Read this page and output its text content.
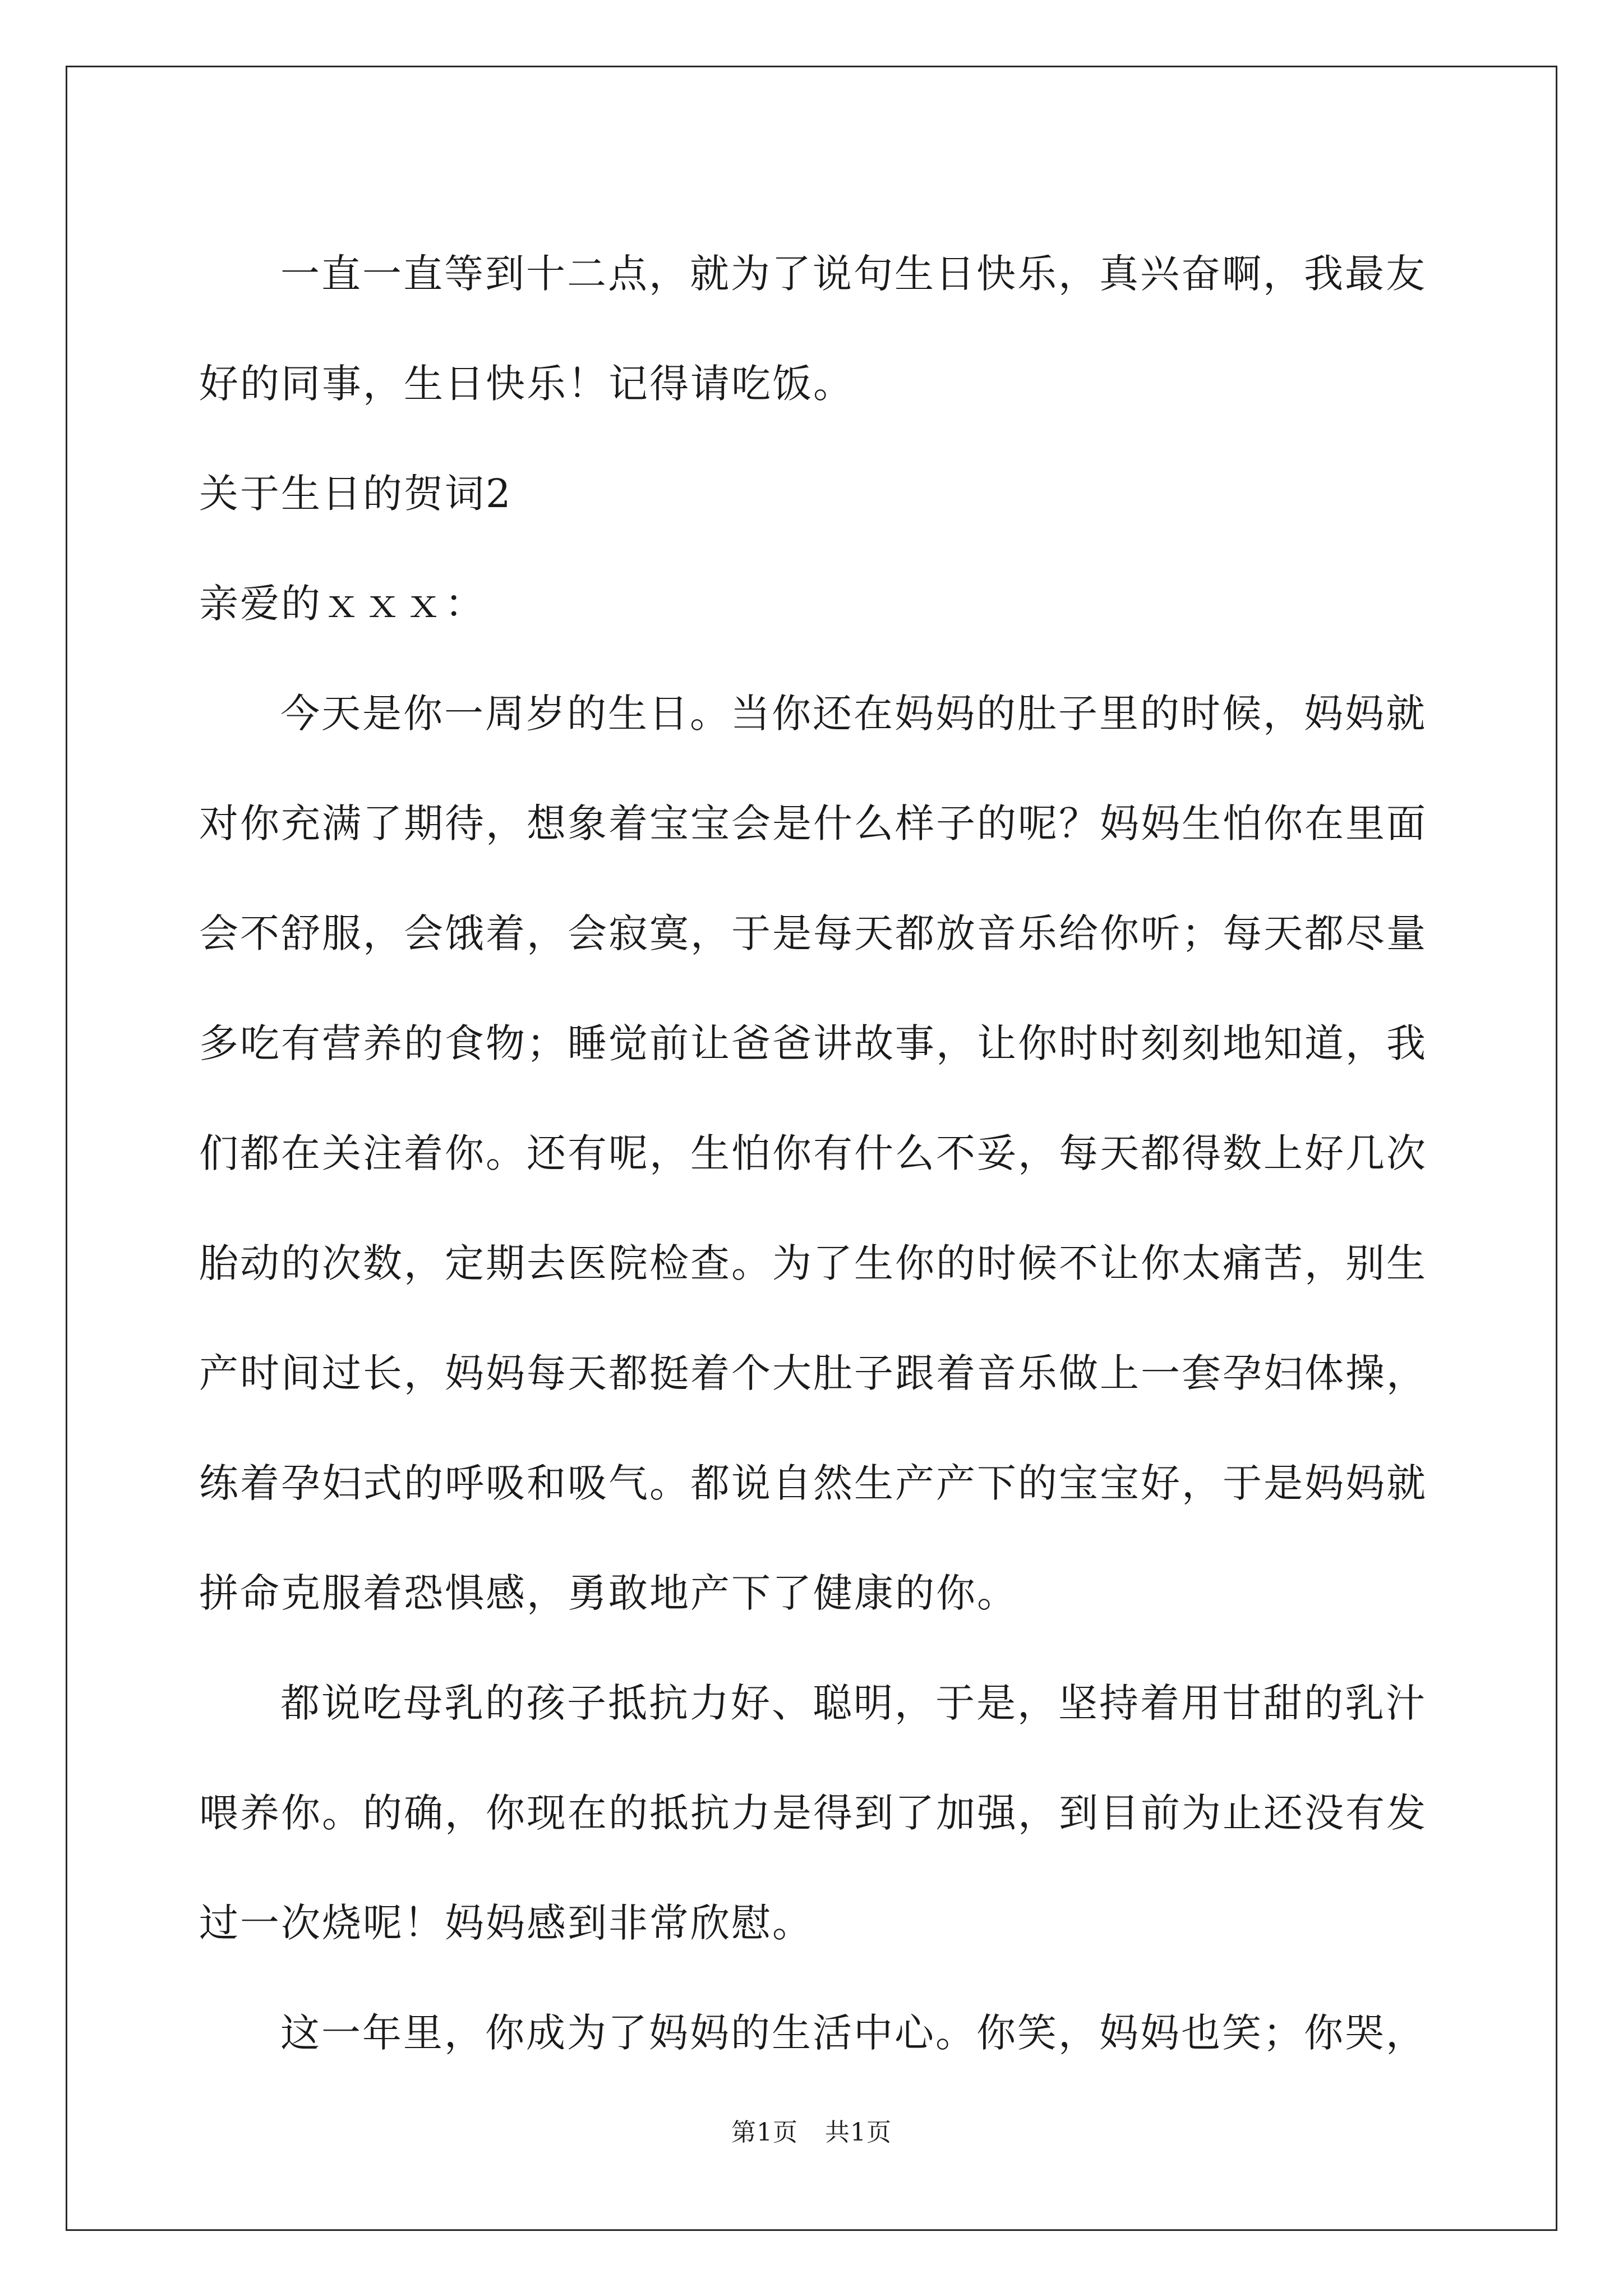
一直一直等到十二点，就为了说句生日快乐，真兴奋啊，我最友
好的同事，生日快乐！记得请吃饭。
关于生日的贺词2
亲爱的ｘｘｘ：
今天是你一周岁的生日。当你还在妈妈的肚子里的时候，妈妈就
对你充满了期待，想象着宝宝会是什么样子的呢？妈妈生怕你在里面
会不舒服，会饿着，会寂寞，于是每天都放音乐给你听；每天都尽量
多吃有营养的食物；睡觉前让爸爸讲故事，让你时时刻刻地知道，我
们都在关注着你。还有呢，生怕你有什么不妥，每天都得数上好几次
胎动的次数，定期去医院检查。为了生你的时候不让你太痛苦，别生
产时间过长，妈妈每天都挺着个大肚子跟着音乐做上一套孕妇体操，
练着孕妇式的呼吸和吸气。都说自然生产产下的宝宝好，于是妈妈就
拼命克服着恐惧感，勇敢地产下了健康的你。
都说吃母乳的孩子抵抗力好、聪明，于是，坚持着用甘甜的乳汁
喂养你。的确，你现在的抵抗力是得到了加强，到目前为止还没有发
过一次烧呢！妈妈感到非常欣慰。
这一年里，你成为了妈妈的生活中心。你笑，妈妈也笑；你哭，
第1页 共1页
